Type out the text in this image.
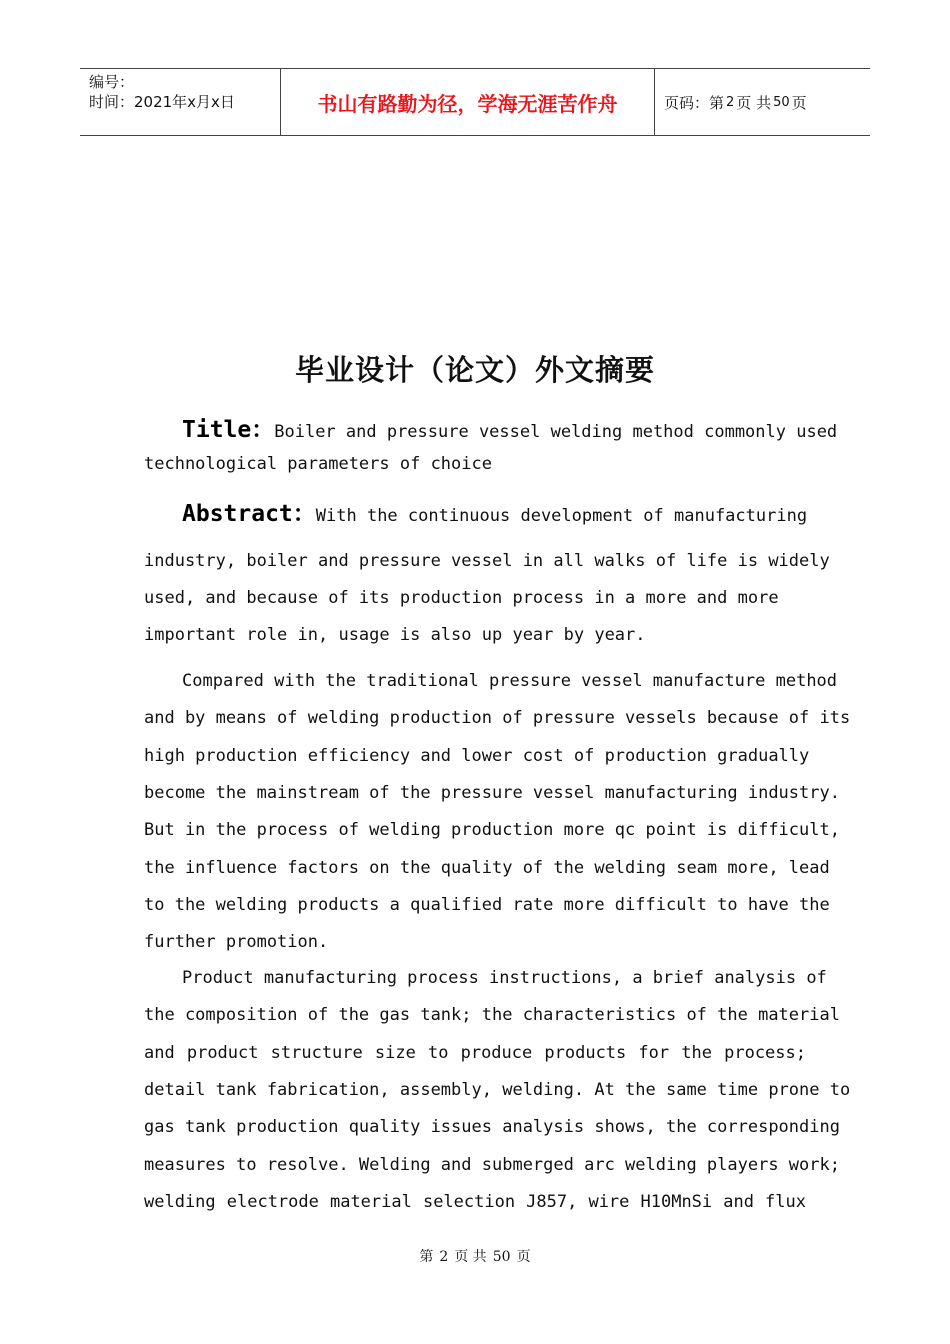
编号：
时间：2021年x月x日	书山有路勤为径，学海无涯苦作舟	页码：第 2 页 共 50 页
毕业设计（论文）外文摘要
Title：Boiler and pressure vessel welding method commonly used
technological parameters of choice
Abstract：With the continuous development of manufacturing
industry, boiler and pressure vessel in all walks of life is widely
used, and because of its production process in a more and more
important role in, usage is also up year by year.
Compared with the traditional pressure vessel manufacture method
and by means of welding production of pressure vessels because of its
high production efficiency and lower cost of production gradually
become the mainstream of the pressure vessel manufacturing industry.
But in the process of welding production more qc point is difficult,
the influence factors on the quality of the welding seam more, lead
to the welding products a qualified rate more difficult to have the
further promotion.
Product manufacturing process instructions, a brief analysis of
the composition of the gas tank; the characteristics of the material
and product structure size to produce products for the process;
detail tank fabrication, assembly, welding. At the same time prone to
gas tank production quality issues analysis shows, the corresponding
measures to resolve. Welding and submerged arc welding players work;
welding electrode material selection J857, wire H10MnSi and flux
第 2 页 共 50 页
